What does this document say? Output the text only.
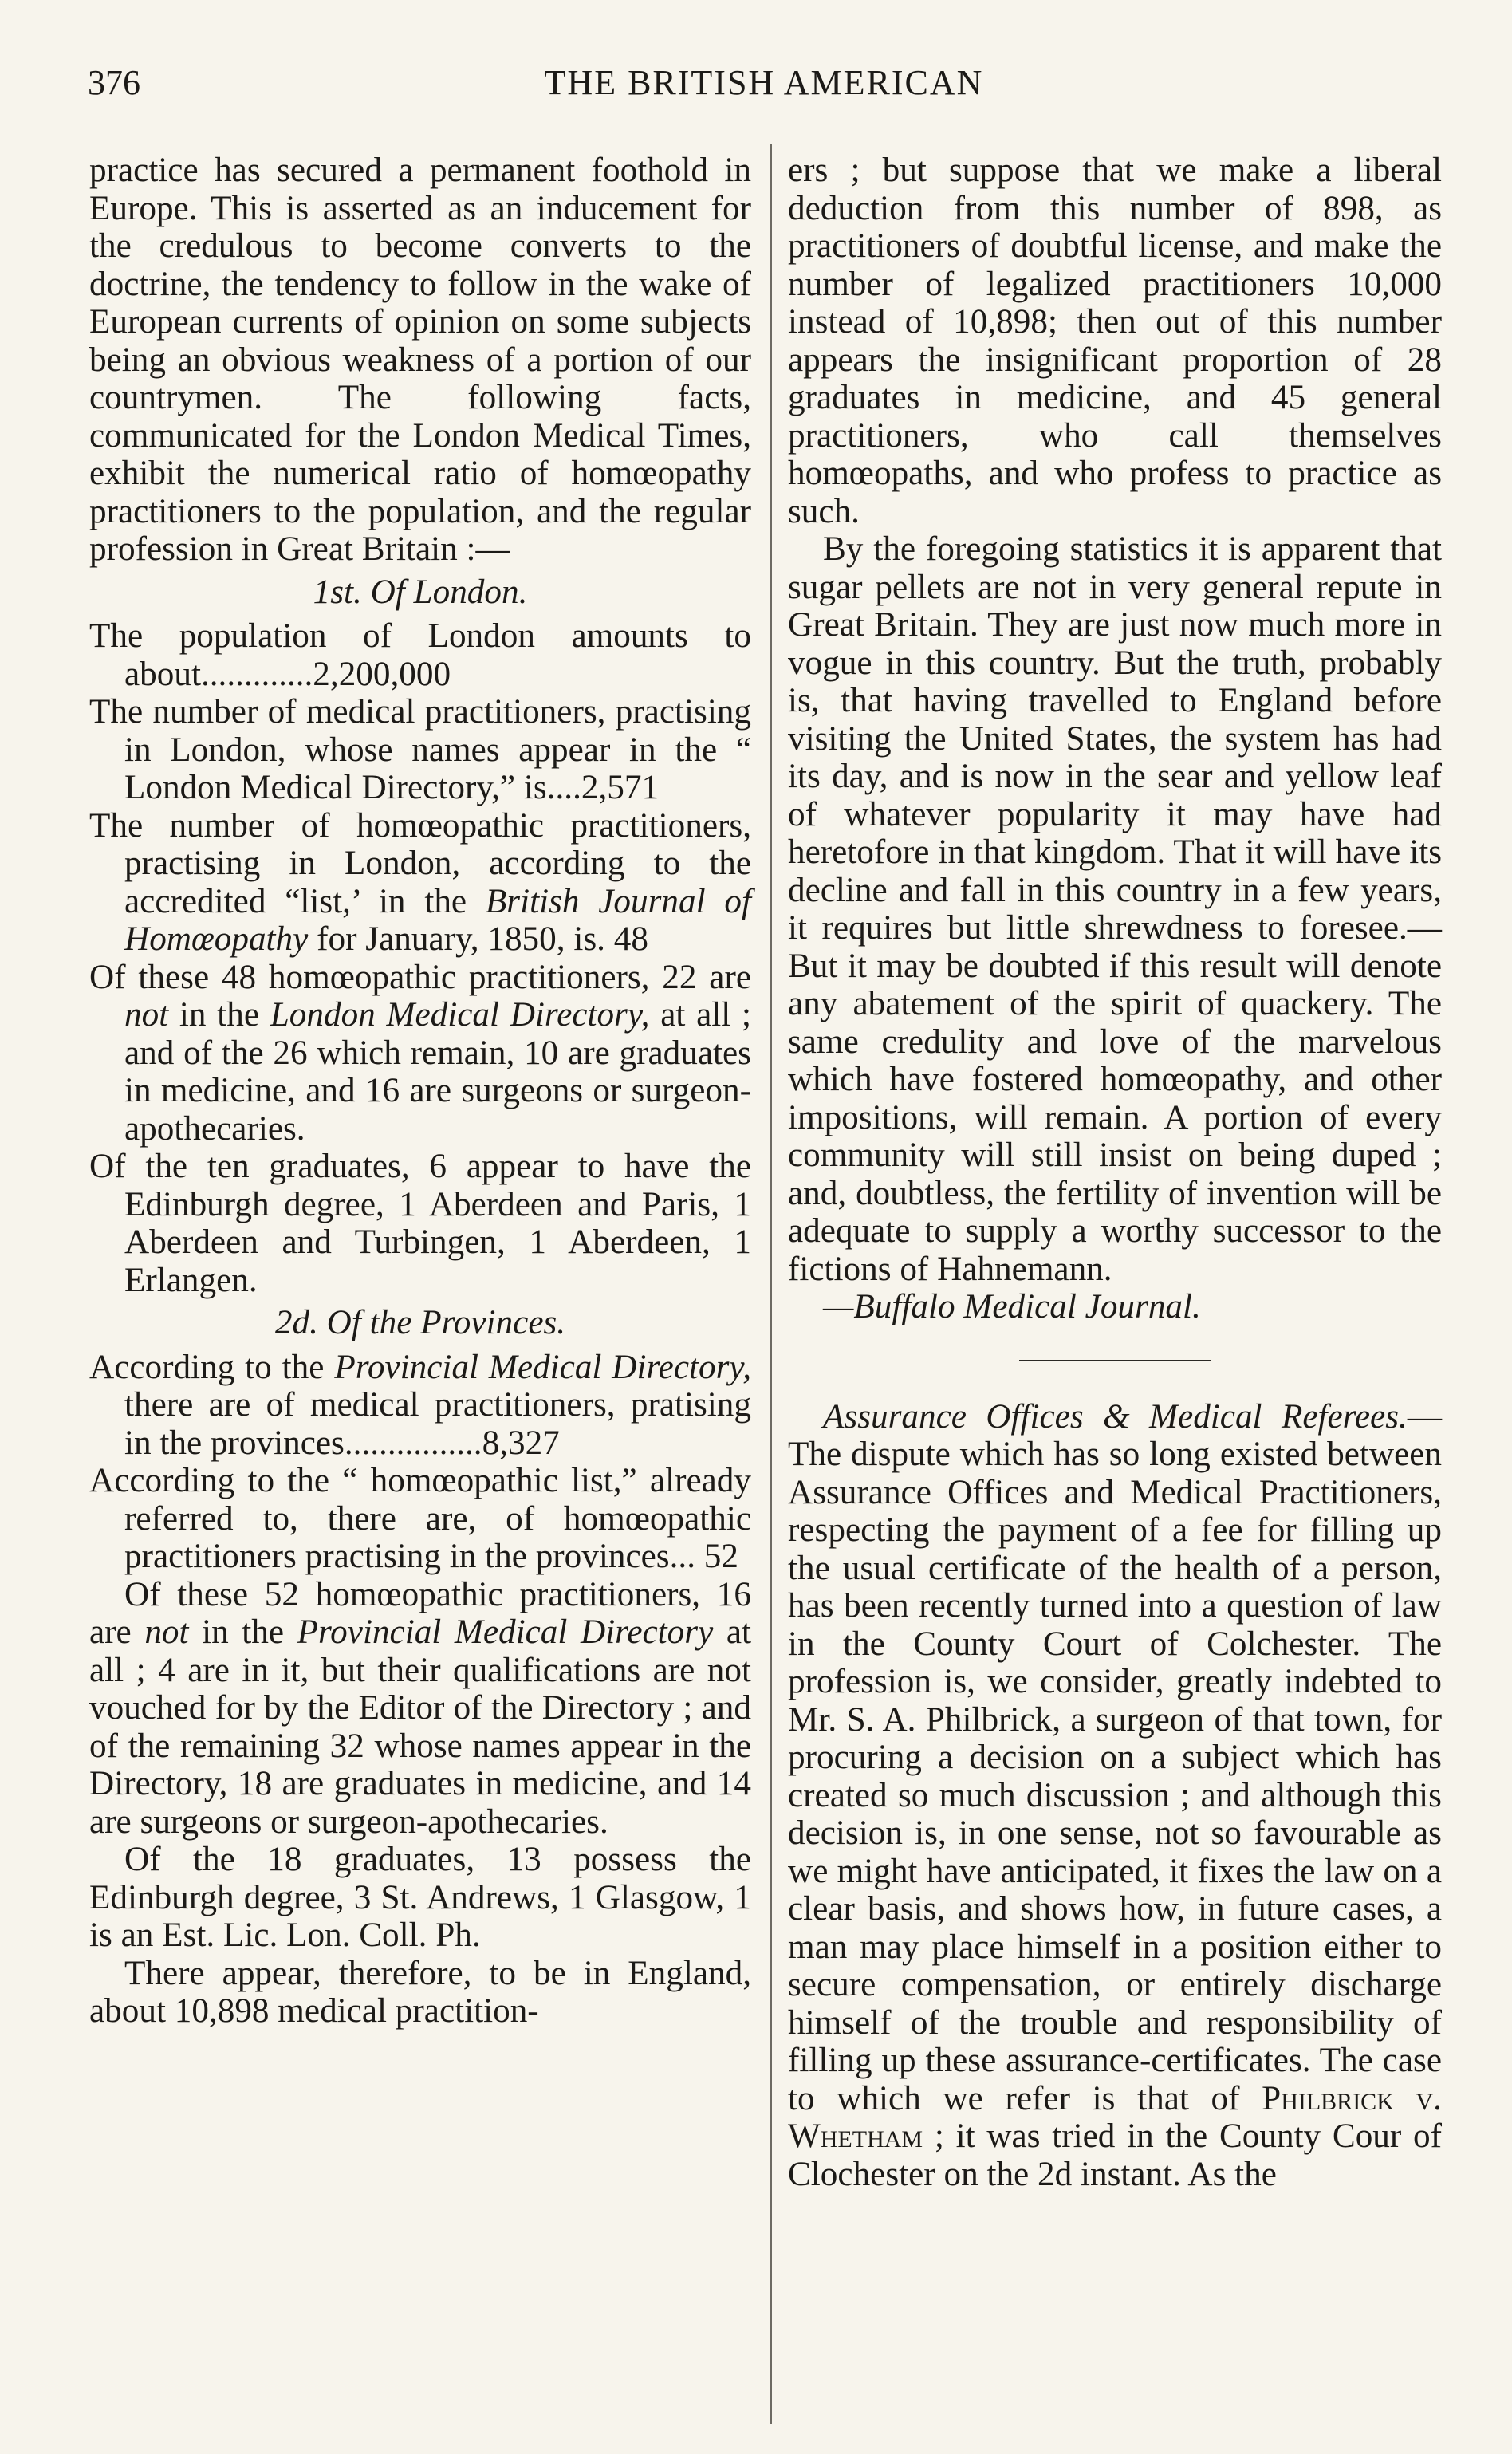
376	THE BRITISH AMERICAN

practice has secured a permanent foothold in Europe. This is asserted as an inducement for the credulous to become converts to the doctrine, the tendency to follow in the wake of European currents of opinion on some subjects being an obvious weakness of a portion of our countrymen. The following facts, communicated for the London Medical Times, exhibit the numerical ratio of homœopathy practitioners to the population, and the regular profession in Great Britain :—

1st. Of London.

The population of London amounts to about.............2,200,000

The number of medical practitioners, practising in London, whose names appear in the “ London Medical Directory,” is....2,571

The number of homœopathic practitioners, practising in London, according to the accredited “list,’ in the British Journal of Homœopathy for January, 1850, is. 48

Of these 48 homœopathic practitioners, 22 are not in the London Medical Directory, at all ; and of the 26 which remain, 10 are graduates in medicine, and 16 are surgeons or surgeon-apothecaries.

Of the ten graduates, 6 appear to have the Edinburgh degree, 1 Aberdeen and Paris, 1 Aberdeen and Turbingen, 1 Aberdeen, 1 Erlangen.

2d. Of the Provinces.

According to the Provincial Medical Directory, there are of medical practitioners, pratising in the provinces................8,327

According to the “ homœopathic list,” already referred to, there are, of homœopathic practitioners practising in the provinces... 52

Of these 52 homœopathic practitioners, 16 are not in the Provincial Medical Directory at all ; 4 are in it, but their qualifications are not vouched for by the Editor of the Directory ; and of the remaining 32 whose names appear in the Directory, 18 are graduates in medicine, and 14 are surgeons or surgeon-apothecaries.

Of the 18 graduates, 13 possess the Edinburgh degree, 3 St. Andrews, 1 Glasgow, 1 is an Est. Lic. Lon. Coll. Ph.

There appear, therefore, to be in England, about 10,898 medical practition-

ers ; but suppose that we make a liberal deduction from this number of 898, as practitioners of doubtful license, and make the number of legalized practitioners 10,000 instead of 10,898; then out of this number appears the insignificant proportion of 28 graduates in medicine, and 45 general practitioners, who call themselves homœopaths, and who profess to practice as such.

By the foregoing statistics it is apparent that sugar pellets are not in very general repute in Great Britain. They are just now much more in vogue in this country. But the truth, probably is, that having travelled to England before visiting the United States, the system has had its day, and is now in the sear and yellow leaf of whatever popularity it may have had heretofore in that kingdom. That it will have its decline and fall in this country in a few years, it requires but little shrewdness to foresee.—But it may be doubted if this result will denote any abatement of the spirit of quackery. The same credulity and love of the marvelous which have fostered homœopathy, and other impositions, will remain. A portion of every community will still insist on being duped ; and, doubtless, the fertility of invention will be adequate to supply a worthy successor to the fictions of Hahnemann.

—Buffalo Medical Journal.

Assurance Offices & Medical Referees.—The dispute which has so long existed between Assurance Offices and Medical Practitioners, respecting the payment of a fee for filling up the usual certificate of the health of a person, has been recently turned into a question of law in the County Court of Colchester. The profession is, we consider, greatly indebted to Mr. S. A. Philbrick, a surgeon of that town, for procuring a decision on a subject which has created so much discussion ; and although this decision is, in one sense, not so favourable as we might have anticipated, it fixes the law on a clear basis, and shows how, in future cases, a man may place himself in a position either to secure compensation, or entirely discharge himself of the trouble and responsibility of filling up these assurance-certificates. The case to which we refer is that of Philbrick v. Whetham ; it was tried in the County Cour of Clochester on the 2d instant. As the
